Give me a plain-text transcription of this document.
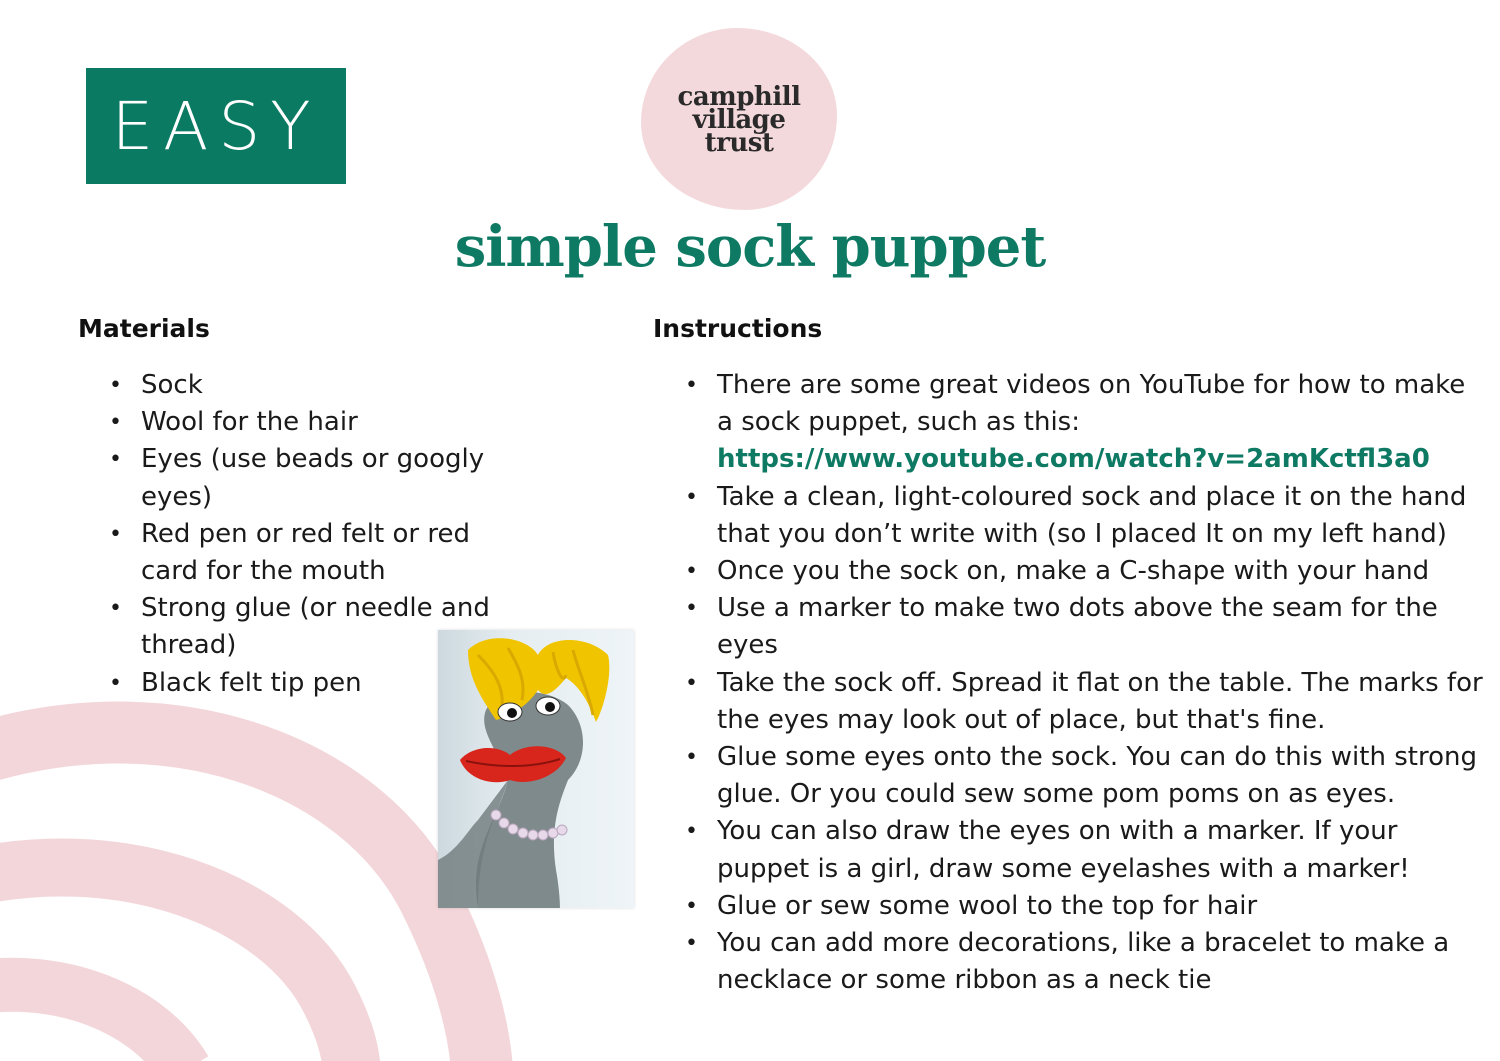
EASY	camphill
village
trust
simple sock puppet
Materials
• Sock
• Wool for the hair
• Eyes (use beads or googly eyes)
• Red pen or red felt or red card for the mouth
• Strong glue (or needle and thread)
• Black felt tip pen
Instructions
• There are some great videos on YouTube for how to make a sock puppet, such as this:
https://www.youtube.com/watch?v=2amKctfl3a0
• Take a clean, light-coloured sock and place it on the hand that you don’t write with (so I placed It on my left hand)
• Once you the sock on, make a C-shape with your hand
• Use a marker to make two dots above the seam for the eyes
• Take the sock off. Spread it flat on the table. The marks for the eyes may look out of place, but that's fine.
• Glue some eyes onto the sock. You can do this with strong glue. Or you could sew some pom poms on as eyes.
• You can also draw the eyes on with a marker. If your puppet is a girl, draw some eyelashes with a marker!
• Glue or sew some wool to the top for hair
• You can add more decorations, like a bracelet to make a necklace or some ribbon as a neck tie
